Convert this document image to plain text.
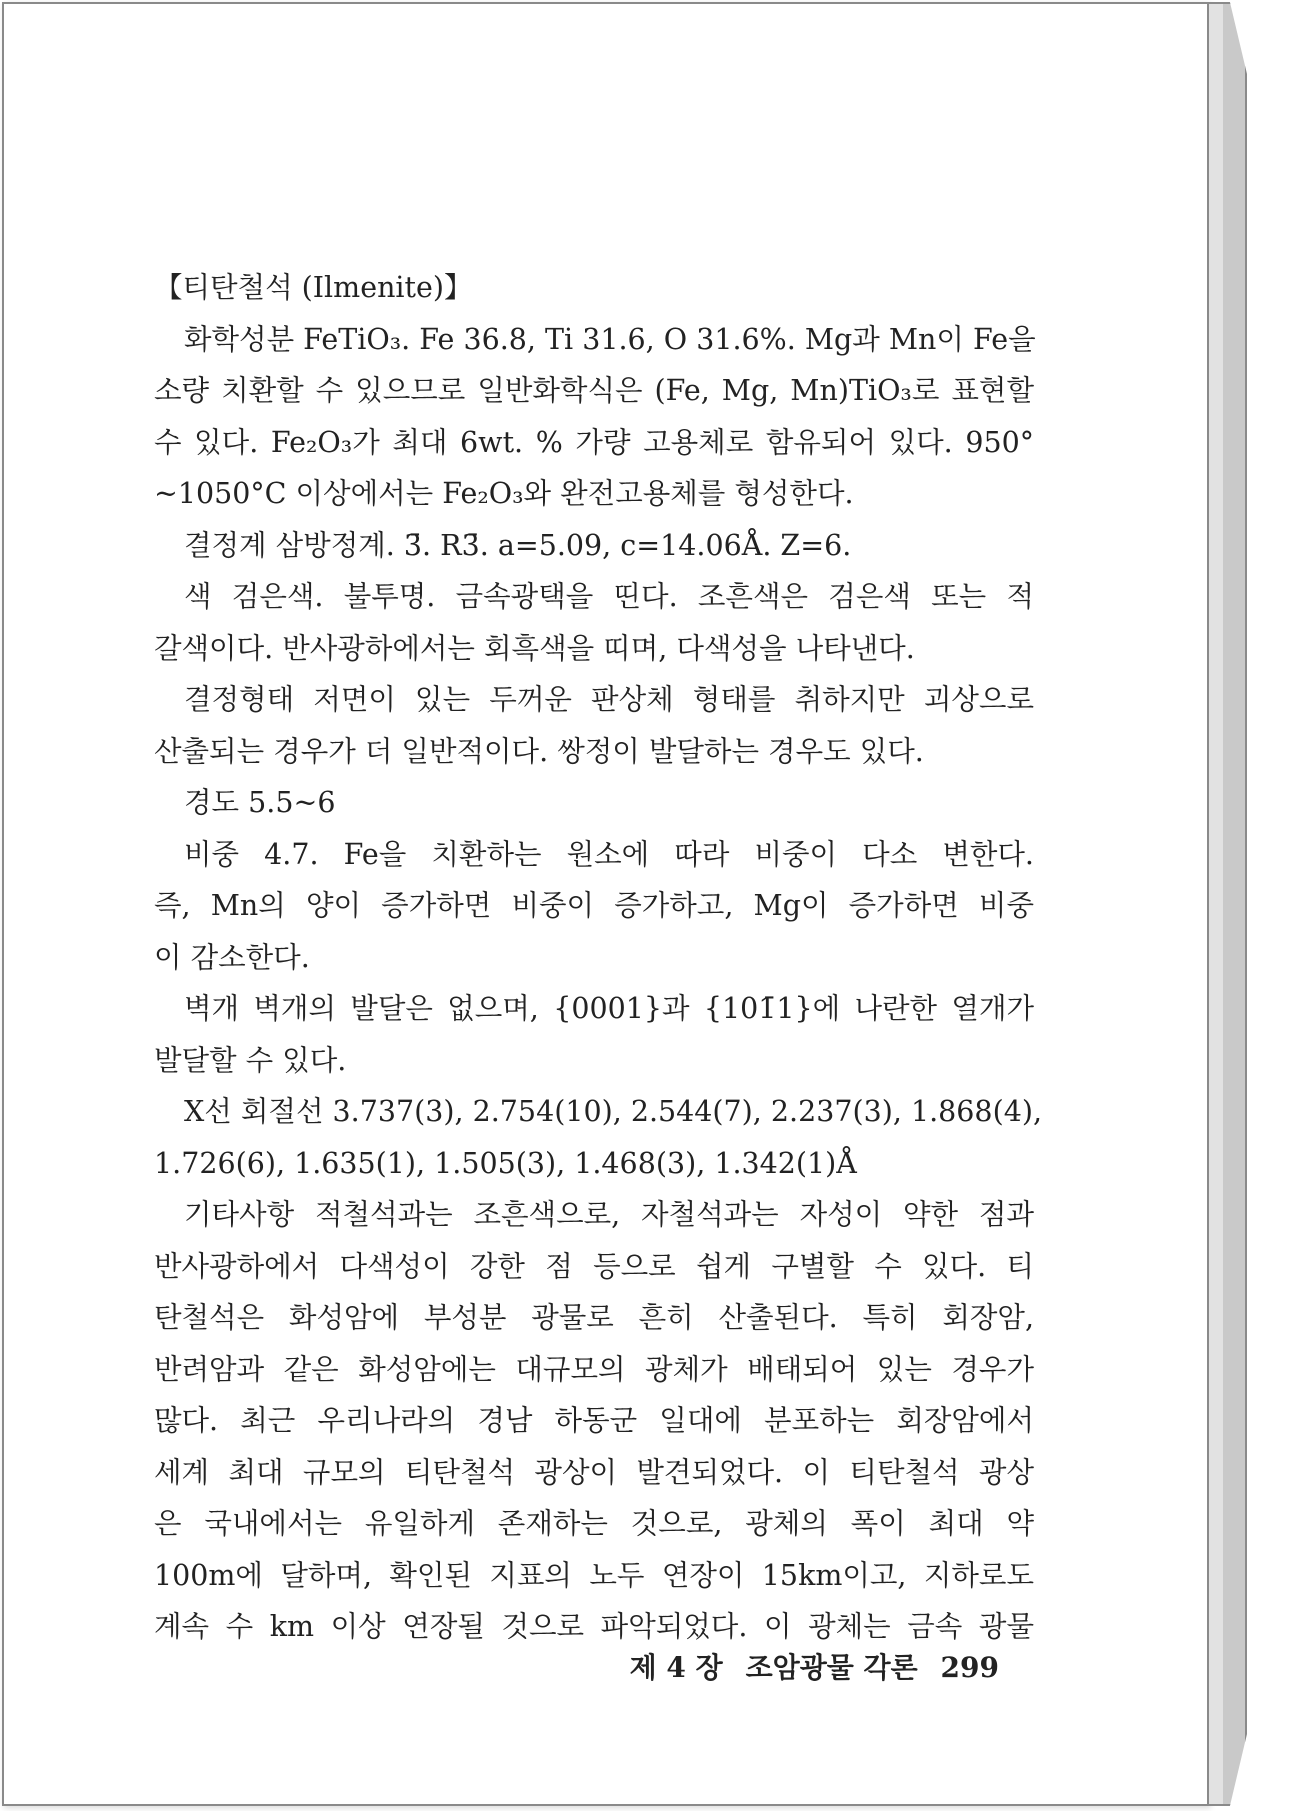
【티탄철석 (Ilmenite)】
화학성분 FeTiO₃. Fe 36.8, Ti 31.6, O 31.6%. Mg과 Mn이 Fe을
소량 치환할 수 있으므로 일반화학식은 (Fe, Mg, Mn)TiO₃로 표현할
수 있다. Fe₂O₃가 최대 6wt. % 가량 고용체로 함유되어 있다. 950°
~1050°C 이상에서는 Fe₂O₃와 완전고용체를 형성한다.
결정계 삼방정계. 3̄. R3̄. a=5.09, c=14.06Å. Z=6.
색 검은색. 불투명. 금속광택을 띤다. 조흔색은 검은색 또는 적
갈색이다. 반사광하에서는 회흑색을 띠며, 다색성을 나타낸다.
결정형태 저면이 있는 두꺼운 판상체 형태를 취하지만 괴상으로
산출되는 경우가 더 일반적이다. 쌍정이 발달하는 경우도 있다.
경도 5.5~6
비중 4.7. Fe을 치환하는 원소에 따라 비중이 다소 변한다.
즉, Mn의 양이 증가하면 비중이 증가하고, Mg이 증가하면 비중
이 감소한다.
벽개 벽개의 발달은 없으며, {0001}과 {101̄1}에 나란한 열개가
발달할 수 있다.
X선 회절선 3.737(3), 2.754(10), 2.544(7), 2.237(3), 1.868(4),
1.726(6), 1.635(1), 1.505(3), 1.468(3), 1.342(1)Å
기타사항 적철석과는 조흔색으로, 자철석과는 자성이 약한 점과
반사광하에서 다색성이 강한 점 등으로 쉽게 구별할 수 있다. 티
탄철석은 화성암에 부성분 광물로 흔히 산출된다. 특히 회장암,
반려암과 같은 화성암에는 대규모의 광체가 배태되어 있는 경우가
많다. 최근 우리나라의 경남 하동군 일대에 분포하는 회장암에서
세계 최대 규모의 티탄철석 광상이 발견되었다. 이 티탄철석 광상
은 국내에서는 유일하게 존재하는 것으로, 광체의 폭이 최대 약
100m에 달하며, 확인된 지표의 노두 연장이 15km이고, 지하로도
계속 수 km 이상 연장될 것으로 파악되었다. 이 광체는 금속 광물
제 4 장 조암광물 각론 299
